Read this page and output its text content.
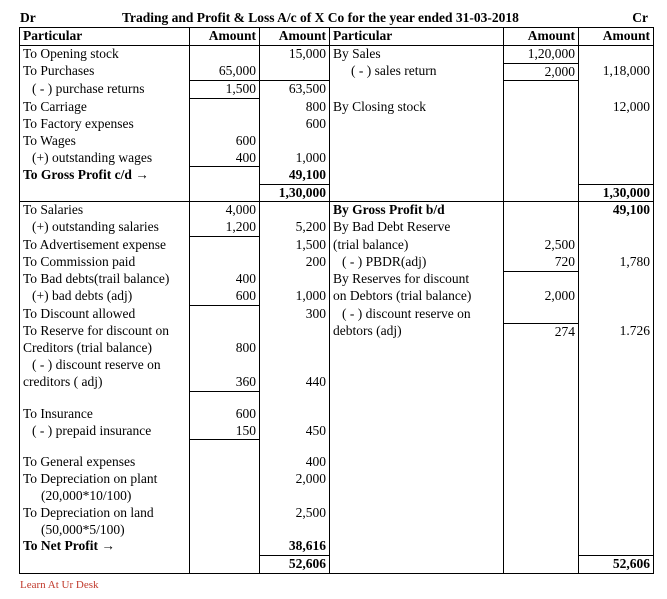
Dr	Trading and Profit & Loss A/c of X Co for the year ended 31-03-2018	Cr
Particular	Amount	Amount	Particular	Amount	Amount
To Opening stock		15,000	By Sales	1,20,000	
To Purchases	65,000		( - ) sales return	2,000	1,18,000
( - ) purchase returns	1,500	63,500			
To Carriage		800	By Closing stock		12,000
To Factory expenses		600			
To Wages	600				
(+) outstanding wages	400	1,000			
To Gross Profit c/d →		49,100			
		1,30,000			1,30,000
To Salaries	4,000		By Gross Profit b/d		49,100
(+) outstanding salaries	1,200	5,200	By Bad Debt Reserve		
To Advertisement expense		1,500	(trial balance)	2,500	
To Commission paid		200	( - ) PBDR(adj)	720	1,780
To Bad debts(trail balance)	400		By Reserves for discount		
(+) bad debts (adj)	600	1,000	on Debtors (trial balance)	2,000	
To Discount allowed		300	( - ) discount reserve on		
To Reserve for discount on			debtors (adj)	274	1.726
Creditors (trial balance)	800				
( - ) discount reserve on					
creditors ( adj)	360	440			

To Insurance	600				
( - ) prepaid insurance	150	450			

To General expenses		400			
To Depreciation on plant		2,000			
(20,000*10/100)					
To Depreciation on land		2,500			
(50,000*5/100)					
To Net Profit →		38,616			
		52,606			52,606
Learn At Ur Desk
